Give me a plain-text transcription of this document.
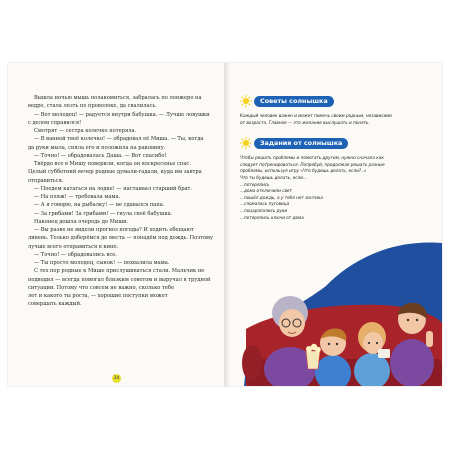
Вышла ночью мышь полакомиться, забралась по лонжеро на

ведро, стала лезть по проволоке, да свалилась.

— Вот молодец! — радуется внутри бабушка. — Лучше ловушки

с делом справился!

Смотрят — сестра колечко потеряла.

— В ванной твоё колечко! — обрадовал её Миша. — Ты, когда

да руки мыла, сняла его и положила на раковину.

— Точно! — обрадовалась Даша. — Вот спасибо!

Твёрдо все в Мишу поверили, когда он воскресенье спас.

Целый субботний вечер родные думали-гадали, куда им завтра

отправиться.

— Поедем кататься на лодке! — настаивал старший брат.

— На пляж! — требовала мама.

— А я говорю, на рыбалку! — не сдавался папа.

— За грибами! За грибами! — гнула своё бабушка.

Наконец дошла очередь до Миши.

— Вы разве не видели прогноз погоды? И ходить обещают

ливень. Только доберёмся до места — попадём под дождь. Поэтому

лучше всего отправиться в кино.

— Точно! — обрадовались все.

— Ты просто молодец, сынок! — похвалила мама.

С тех пор родные к Мише прислушиваться стали. Мальчик не

подводил — всегда помогал близким советом и выручал в трудной

ситуации. Потому что совсем не важно, сколько тебе

лет и какого ты роста, — хорошие поступки может

совершать каждый.

34
Советы солнышка

Каждый человек важен и может помочь своим родным, независимо

от возраста. Главное — это желание выслушать и понять.

Задания от солнышка

Чтобы решать проблемы и помогать другим, нужно сначала как

следует потренироваться. Попробуй, продолжая решать разные

проблемы, используя игру «Что будешь делать, если?..»

Что ты будешь делать, если...

...потерялись

...дома отключили свет

...пошёл дождь, а у тебя нет зонтика

...сломалась пуговица

...поцарапались руки

...потерялись ключи от дома
